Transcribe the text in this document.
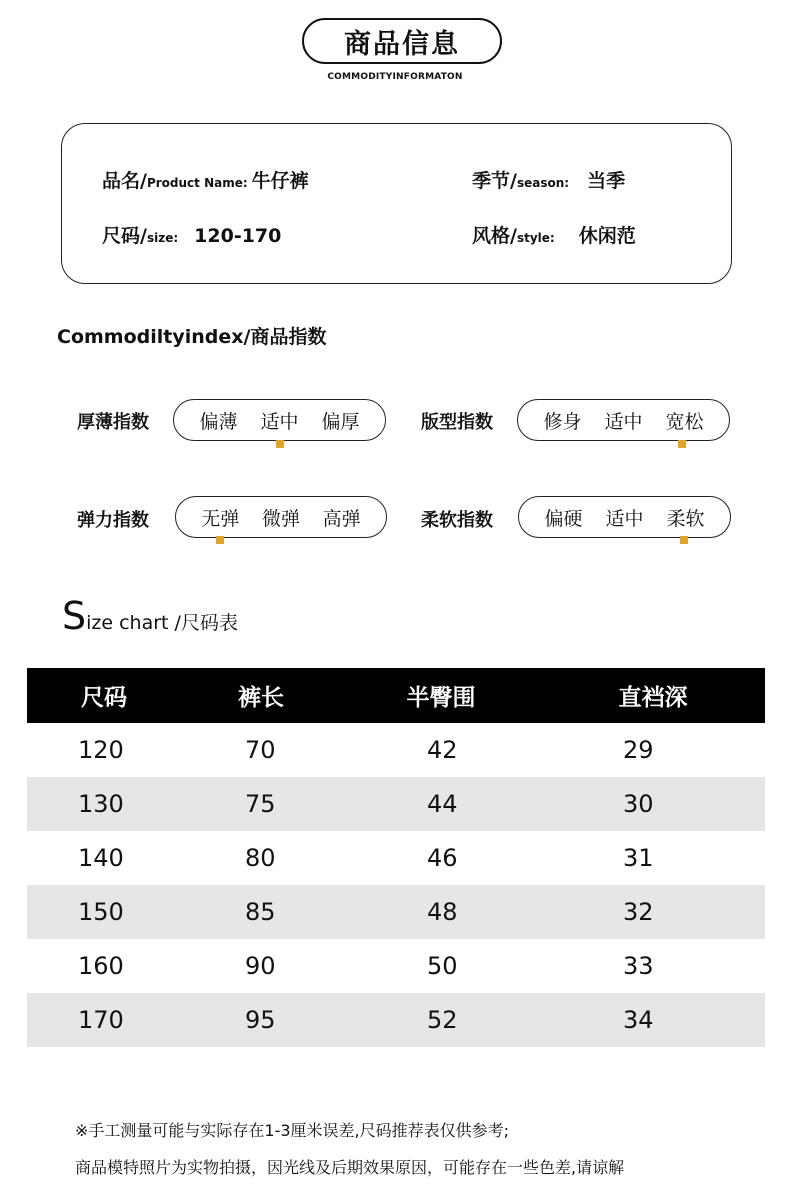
商品信息
COMMODITYINFORMATON
品名 / Product Name: 牛仔裤	季节 / season: 当季
尺码 / size: 120-170	风格 / style: 休闲范
Commodiltyindex/商品指数
厚薄指数	偏薄 适中 偏厚	版型指数	修身 适中 宽松
弹力指数	无弹 微弹 高弹	柔软指数	偏硬 适中 柔软
Size chart /尺码表
尺码	裤长	半臀围	直裆深
120	70	42	29
130	75	44	30
140	80	46	31
150	85	48	32
160	90	50	33
170	95	52	34
※手工测量可能与实际存在1-3厘米误差,尺码推荐表仅供参考;
商品模特照片为实物拍摄，因光线及后期效果原因，可能存在一些色差,请谅解
